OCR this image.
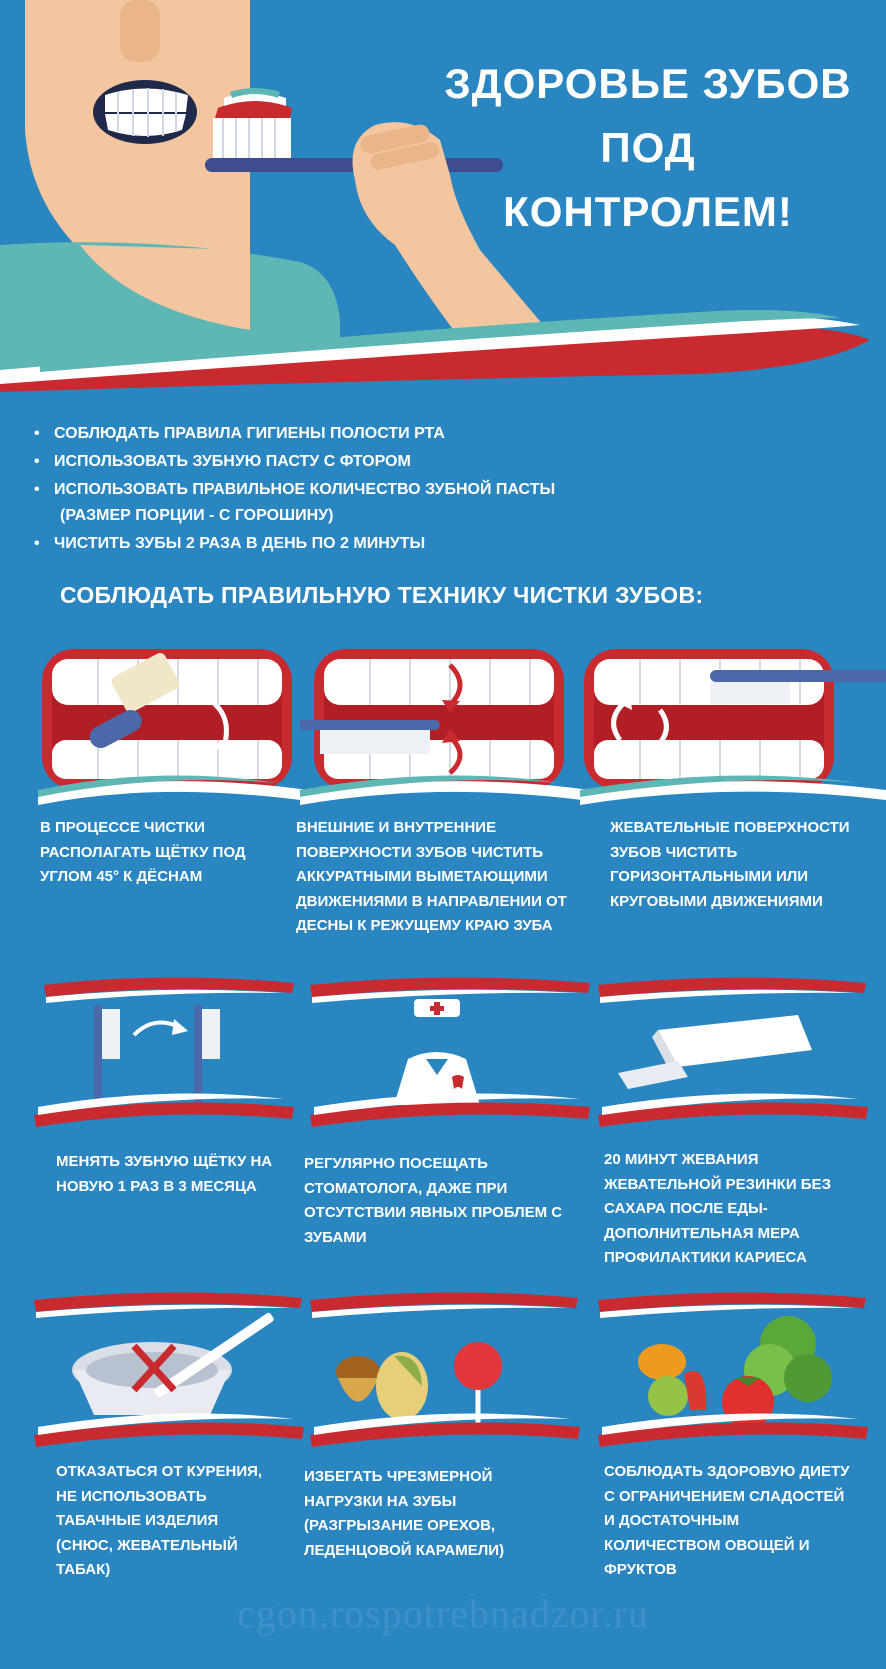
ЗДОРОВЬЕ ЗУБОВ
ПОД
КОНТРОЛЕМ!
• СОБЛЮДАТЬ ПРАВИЛА ГИГИЕНЫ ПОЛОСТИ РТА
• ИСПОЛЬЗОВАТЬ ЗУБНУЮ ПАСТУ С ФТОРОМ
• ИСПОЛЬЗОВАТЬ ПРАВИЛЬНОЕ КОЛИЧЕСТВО ЗУБНОЙ ПАСТЫ
(РАЗМЕР ПОРЦИИ - С ГОРОШИНУ)
• ЧИСТИТЬ ЗУБЫ 2 РАЗА В ДЕНЬ ПО 2 МИНУТЫ
СОБЛЮДАТЬ ПРАВИЛЬНУЮ ТЕХНИКУ ЧИСТКИ ЗУБОВ:
В ПРОЦЕССЕ ЧИСТКИ
РАСПОЛАГАТЬ ЩЁТКУ ПОД
УГЛОМ 45° К ДЁСНАМ
ВНЕШНИЕ И ВНУТРЕННИЕ
ПОВЕРХНОСТИ ЗУБОВ ЧИСТИТЬ
АККУРАТНЫМИ ВЫМЕТАЮЩИМИ
ДВИЖЕНИЯМИ В НАПРАВЛЕНИИ ОТ
ДЕСНЫ К РЕЖУЩЕМУ КРАЮ ЗУБА
ЖЕВАТЕЛЬНЫЕ ПОВЕРХНОСТИ
ЗУБОВ ЧИСТИТЬ
ГОРИЗОНТАЛЬНЫМИ ИЛИ
КРУГОВЫМИ ДВИЖЕНИЯМИ
МЕНЯТЬ ЗУБНУЮ ЩЁТКУ НА
НОВУЮ 1 РАЗ В 3 МЕСЯЦА
РЕГУЛЯРНО ПОСЕЩАТЬ
СТОМАТОЛОГА, ДАЖЕ ПРИ
ОТСУТСТВИИ ЯВНЫХ ПРОБЛЕМ С
ЗУБАМИ
20 МИНУТ ЖЕВАНИЯ
ЖЕВАТЕЛЬНОЙ РЕЗИНКИ БЕЗ
САХАРА ПОСЛЕ ЕДЫ-
ДОПОЛНИТЕЛЬНАЯ МЕРА
ПРОФИЛАКТИКИ КАРИЕСА
ОТКАЗАТЬСЯ ОТ КУРЕНИЯ,
НЕ ИСПОЛЬЗОВАТЬ
ТАБАЧНЫЕ ИЗДЕЛИЯ
(СНЮС, ЖЕВАТЕЛЬНЫЙ
ТАБАК)
ИЗБЕГАТЬ ЧРЕЗМЕРНОЙ
НАГРУЗКИ НА ЗУБЫ
(РАЗГРЫЗАНИЕ ОРЕХОВ,
ЛЕДЕНЦОВОЙ КАРАМЕЛИ)
СОБЛЮДАТЬ ЗДОРОВУЮ ДИЕТУ
С ОГРАНИЧЕНИЕМ СЛАДОСТЕЙ
И ДОСТАТОЧНЫМ
КОЛИЧЕСТВОМ ОВОЩЕЙ И
ФРУКТОВ
cgon.rospotrebnadzor.ru
